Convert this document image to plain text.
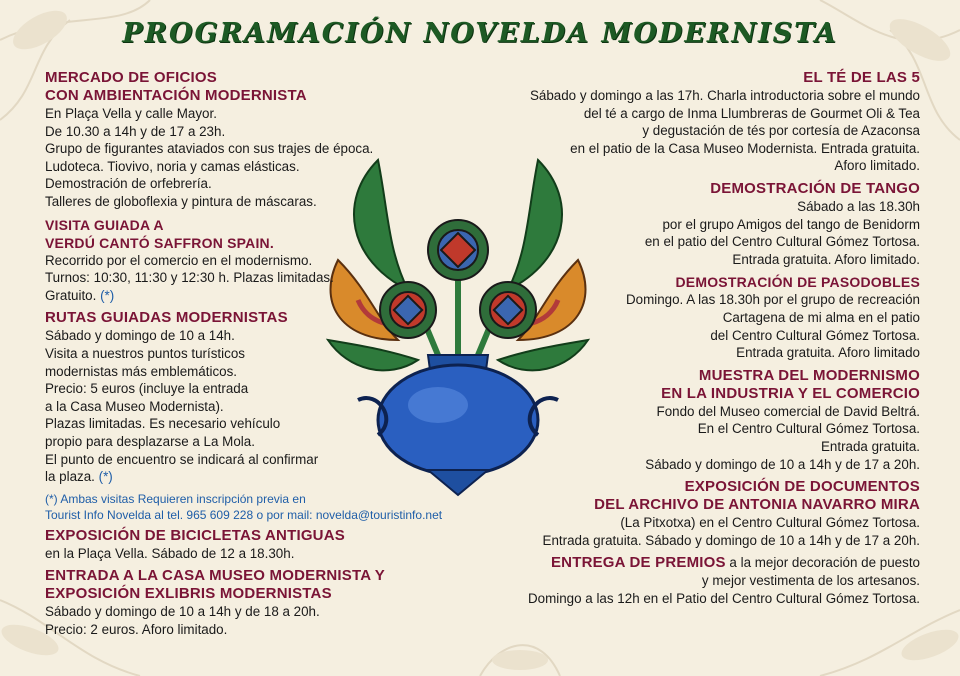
PROGRAMACIÓN NOVELDA MODERNISTA
MERCADO DE OFICIOS
CON AMBIENTACIÓN MODERNISTA
En Plaça Vella y calle Mayor.
De 10.30 a 14h y de 17 a 23h.
Grupo de figurantes ataviados con sus trajes de época.
Ludoteca. Tiovivo, noria y camas elásticas.
Demostración de orfebrería.
Talleres de globoflexia y pintura de máscaras.
VISITA GUIADA A
VERDÚ CANTÓ SAFFRON SPAIN.
Recorrido por el comercio en el modernismo.
Turnos: 10:30, 11:30 y 12:30 h. Plazas limitadas.
Gratuito. (*)
RUTAS GUIADAS MODERNISTAS
Sábado y domingo de 10 a 14h.
Visita a nuestros puntos turísticos
modernistas más emblemáticos.
Precio: 5 euros (incluye la entrada
a la Casa Museo Modernista).
Plazas limitadas. Es necesario vehículo
propio para desplazarse a La Mola.
El punto de encuentro se indicará al confirmar
la plaza. (*)
(*) Ambas visitas Requieren inscripción previa en
Tourist Info Novelda al tel. 965 609 228 o por mail: novelda@touristinfo.net
EXPOSICIÓN DE BICICLETAS ANTIGUAS
en la Plaça Vella. Sábado de 12 a 18.30h.
ENTRADA A LA CASA MUSEO MODERNISTA Y
EXPOSICIÓN EXLIBRIS MODERNISTAS
Sábado y domingo de 10 a 14h y de 18 a 20h.
Precio: 2 euros. Aforo limitado.
EL TÉ DE LAS 5
Sábado y domingo a las 17h. Charla introductoria sobre el mundo
del té a cargo de Inma Llumbreras de Gourmet Oli & Tea
y degustación de tés por cortesía de Azaconsa
en el patio de la Casa Museo Modernista. Entrada gratuita.
Aforo limitado.
DEMOSTRACIÓN DE TANGO
Sábado a las 18.30h
por el grupo Amigos del tango de Benidorm
en el patio del Centro Cultural Gómez Tortosa.
Entrada gratuita. Aforo limitado.
DEMOSTRACIÓN DE PASODOBLES
Domingo. A las 18.30h por el grupo de recreación
Cartagena de mi alma en el patio
del Centro Cultural Gómez Tortosa.
Entrada gratuita. Aforo limitado
MUESTRA DEL MODERNISMO
EN LA INDUSTRIA Y EL COMERCIO
Fondo del Museo comercial de David Beltrá.
En el Centro Cultural Gómez Tortosa.
Entrada gratuita.
Sábado y domingo de 10 a 14h y de 17 a 20h.
EXPOSICIÓN DE DOCUMENTOS
DEL ARCHIVO DE ANTONIA NAVARRO MIRA
(La Pitxotxa) en el Centro Cultural Gómez Tortosa.
Entrada gratuita. Sábado y domingo de 10 a 14h y de 17 a 20h.
ENTREGA DE PREMIOS a la mejor decoración de puesto
y mejor vestimenta de los artesanos.
Domingo a las 12h en el Patio del Centro Cultural Gómez Tortosa.
